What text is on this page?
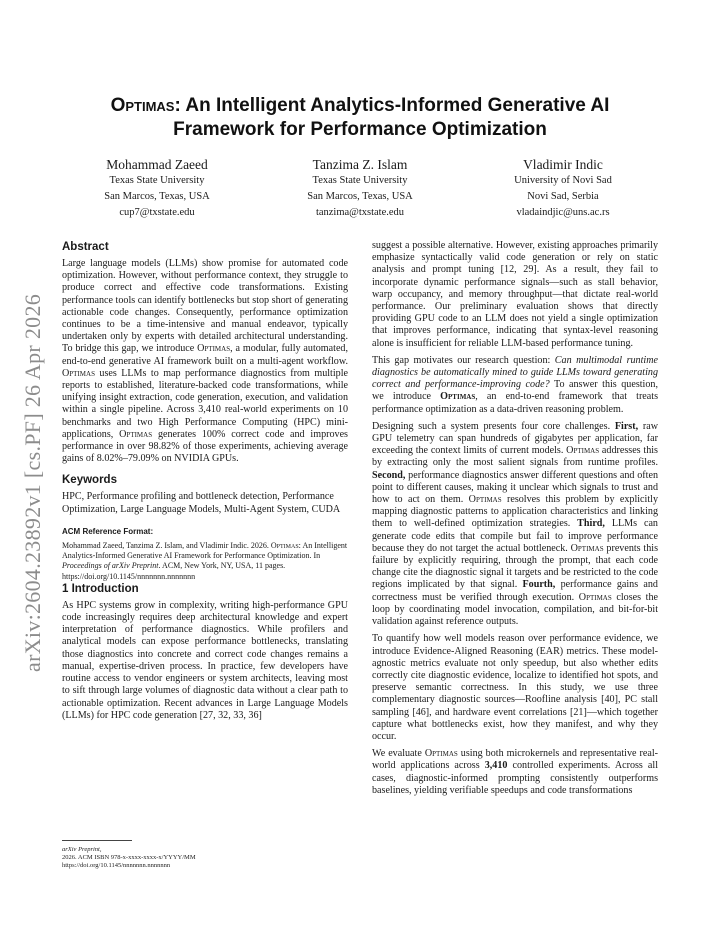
arXiv:2604.23892v1 [cs.PF] 26 Apr 2026
Optimas: An Intelligent Analytics-Informed Generative AI
Framework for Performance Optimization
Mohammad Zaeed
Texas State University
San Marcos, Texas, USA
cup7@txstate.edu
Tanzima Z. Islam
Texas State University
San Marcos, Texas, USA
tanzima@txstate.edu
Vladimir Indic
University of Novi Sad
Novi Sad, Serbia
vladaindjic@uns.ac.rs
Abstract

Large language models (LLMs) show promise for automated code optimization. However, without performance context, they struggle to produce correct and effective code transformations. Existing performance tools can identify bottlenecks but stop short of generating actionable code changes. Consequently, performance optimization continues to be a time-intensive and manual endeavor, typically undertaken only by experts with detailed architectural understanding. To bridge this gap, we introduce Optimas, a modular, fully automated, end-to-end generative AI framework built on a multi-agent workflow. Optimas uses LLMs to map performance diagnostics from multiple reports to established, literature-backed code transformations, while unifying insight extraction, code generation, execution, and validation within a single pipeline. Across 3,410 real-world experiments on 10 benchmarks and two High Performance Computing (HPC) mini-applications, Optimas generates 100% correct code and improves performance in over 98.82% of those experiments, achieving average gains of 8.02%–79.09% on NVIDIA GPUs.

Keywords

HPC, Performance profiling and bottleneck detection, Performance Optimization, Large Language Models, Multi-Agent System, CUDA

ACM Reference Format:
Mohammad Zaeed, Tanzima Z. Islam, and Vladimir Indic. 2026. Optimas: An Intelligent Analytics-Informed Generative AI Framework for Performance Optimization. In Proceedings of arXiv Preprint. ACM, New York, NY, USA, 11 pages. https://doi.org/10.1145/nnnnnnn.nnnnnnn
1 Introduction

As HPC systems grow in complexity, writing high-performance GPU code increasingly requires deep architectural knowledge and expert interpretation of performance diagnostics. While profilers and analytical models can expose performance bottlenecks, translating those diagnostics into concrete and correct code changes remains a manual, expertise-driven process. In practice, few developers have routine access to vendor engineers or system architects, leaving most to sift through large volumes of diagnostic data without a clear path to actionable optimization. Recent advances in Large Language Models (LLMs) for HPC code generation [27, 32, 33, 36]

arXiv Preprint,
2026. ACM ISBN 978-x-xxxx-xxxx-x/YYYY/MM
https://doi.org/10.1145/nnnnnnn.nnnnnnn

suggest a possible alternative. However, existing approaches primarily emphasize syntactically valid code generation or rely on static analysis and prompt tuning [12, 29]. As a result, they fail to incorporate dynamic performance signals—such as stall behavior, warp occupancy, and memory throughput—that dictate real-world performance. Our preliminary evaluation shows that directly providing GPU code to an LLM does not yield a single optimization that improves performance, indicating that syntax-level reasoning alone is insufficient for reliable LLM-based performance tuning.

This gap motivates our research question: Can multimodal runtime diagnostics be automatically mined to guide LLMs toward generating correct and performance-improving code? To answer this question, we introduce Optimas, an end-to-end framework that treats performance optimization as a data-driven reasoning problem.

Designing such a system presents four core challenges. First, raw GPU telemetry can span hundreds of gigabytes per application, far exceeding the context limits of current models. Optimas addresses this by extracting only the most salient signals from runtime profiles. Second, performance diagnostics answer different questions and often point to different causes, making it unclear which signals to trust and how to act on them. Optimas resolves this problem by explicitly mapping diagnostic patterns to application characteristics and linking them to well-defined optimization strategies. Third, LLMs can generate code edits that compile but fail to improve performance because they do not target the actual bottleneck. Optimas prevents this failure by explicitly requiring, through the prompt, that each code change cite the diagnostic signal it targets and be restricted to the code regions implicated by that signal. Fourth, performance gains and correctness must be verified through execution. Optimas closes the loop by coordinating model invocation, compilation, and bit-for-bit validation against reference outputs.

To quantify how well models reason over performance evidence, we introduce Evidence-Aligned Reasoning (EAR) metrics. These model-agnostic metrics evaluate not only speedup, but also whether edits correctly cite diagnostic evidence, localize to identified hot spots, and preserve semantic correctness. In this study, we use three complementary diagnostic sources—Roofline analysis [40], PC stall sampling [46], and hardware event correlations [21]—which together capture what bottlenecks exist, how they manifest, and why they occur.

We evaluate Optimas using both microkernels and representative real-world applications across 3,410 controlled experiments. Across all cases, diagnostic-informed prompting consistently outperforms baselines, yielding verifiable speedups and code transformations
